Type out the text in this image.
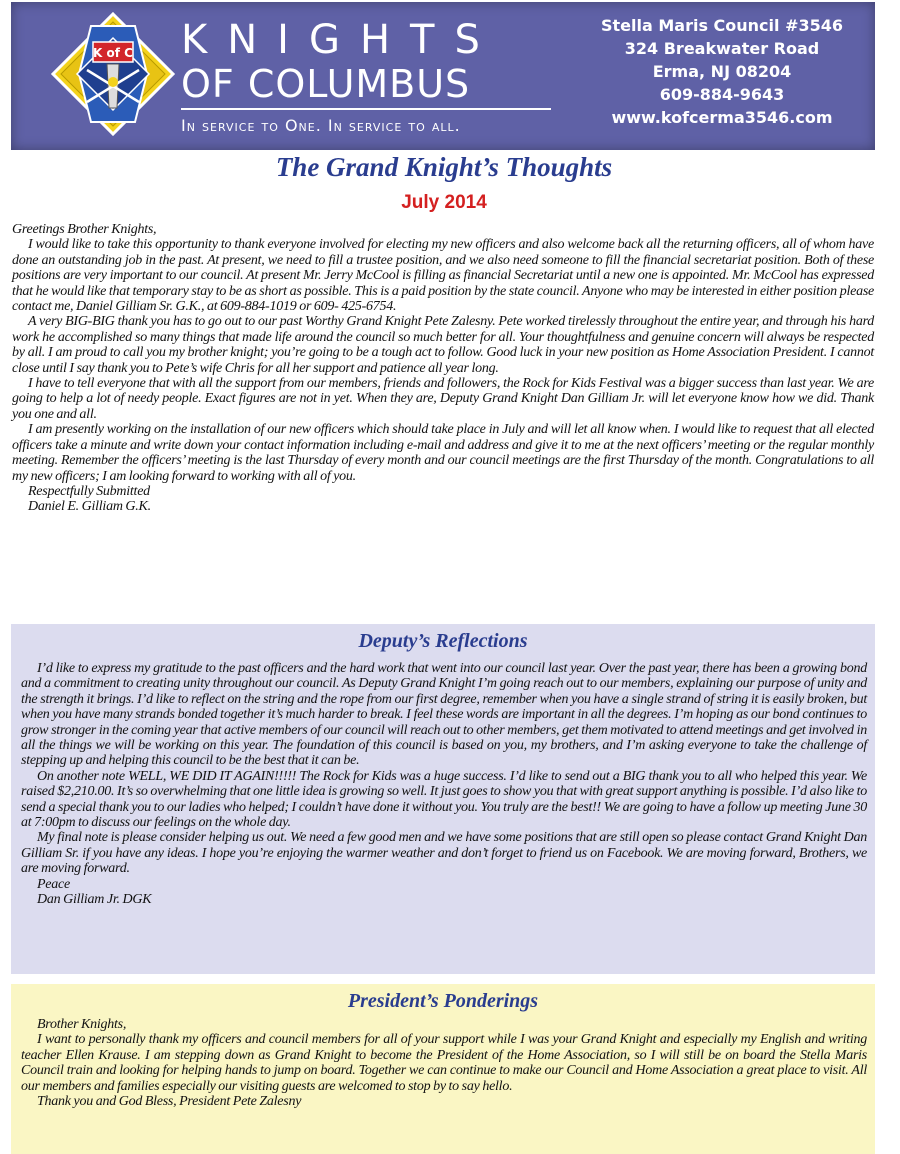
K of C KNIGHTS
OF COLUMBUS
In service to One. In service to all.
Stella Maris Council #3546
324 Breakwater Road
Erma, NJ 08204
609-884-9643
www.kofcerma3546.com
The Grand Knight’s Thoughts
July 2014

Greetings Brother Knights,

I would like to take this opportunity to thank everyone involved for electing my new officers and also welcome back all the returning officers, all of whom have done an outstanding job in the past. At present, we need to fill a trustee position, and we also need someone to fill the financial secretariat position. Both of these positions are very important to our council. At present Mr. Jerry McCool is filling as financial Secretariat until a new one is appointed. Mr. McCool has expressed that he would like that temporary stay to be as short as possible. This is a paid position by the state council. Anyone who may be interested in either position please contact me, Daniel Gilliam Sr. G.K., at 609-884-1019 or 609- 425-6754.

A very BIG-BIG thank you has to go out to our past Worthy Grand Knight Pete Zalesny. Pete worked tirelessly throughout the entire year, and through his hard work he accomplished so many things that made life around the council so much better for all. Your thoughtfulness and genuine concern will always be respected by all. I am proud to call you my brother knight; you’re going to be a tough act to follow. Good luck in your new position as Home Association President. I cannot close until I say thank you to Pete’s wife Chris for all her support and patience all year long.

I have to tell everyone that with all the support from our members, friends and followers, the Rock for Kids Festival was a bigger success than last year. We are going to help a lot of needy people. Exact figures are not in yet. When they are, Deputy Grand Knight Dan Gilliam Jr. will let everyone know how we did. Thank you one and all.

I am presently working on the installation of our new officers which should take place in July and will let all know when. I would like to request that all elected officers take a minute and write down your contact information including e-mail and address and give it to me at the next officers’ meeting or the regular monthly meeting. Remember the officers’ meeting is the last Thursday of every month and our council meetings are the first Thursday of the month. Congratulations to all my new officers; I am looking forward to working with all of you.

Respectfully Submitted

Daniel E. Gilliam G.K.

Deputy’s Reflections

I’d like to express my gratitude to the past officers and the hard work that went into our council last year. Over the past year, there has been a growing bond and a commitment to creating unity throughout our council. As Deputy Grand Knight I’m going reach out to our members, explaining our purpose of unity and the strength it brings. I’d like to reflect on the string and the rope from our first degree, remember when you have a single strand of string it is easily broken, but when you have many strands bonded together it’s much harder to break. I feel these words are important in all the degrees. I’m hoping as our bond continues to grow stronger in the coming year that active members of our council will reach out to other members, get them motivated to attend meetings and get involved in all the things we will be working on this year. The foundation of this council is based on you, my brothers, and I’m asking everyone to take the challenge of stepping up and helping this council to be the best that it can be.

On another note WELL, WE DID IT AGAIN!!!!! The Rock for Kids was a huge success. I’d like to send out a BIG thank you to all who helped this year. We raised $2,210.00. It’s so overwhelming that one little idea is growing so well. It just goes to show you that with great support anything is possible. I’d also like to send a special thank you to our ladies who helped; I couldn’t have done it without you. You truly are the best!! We are going to have a follow up meeting June 30 at 7:00pm to discuss our feelings on the whole day.

My final note is please consider helping us out. We need a few good men and we have some positions that are still open so please contact Grand Knight Dan Gilliam Sr. if you have any ideas. I hope you’re enjoying the warmer weather and don’t forget to friend us on Facebook. We are moving forward, Brothers, we are moving forward.

Peace

Dan Gilliam Jr. DGK

President’s Ponderings

Brother Knights,

I want to personally thank my officers and council members for all of your support while I was your Grand Knight and especially my English and writing teacher Ellen Krause. I am stepping down as Grand Knight to become the President of the Home Association, so I will still be on board the Stella Maris Council train and looking for helping hands to jump on board. Together we can continue to make our Council and Home Association a great place to visit. All our members and families especially our visiting guests are welcomed to stop by to say hello.

Thank you and God Bless, President Pete Zalesny
